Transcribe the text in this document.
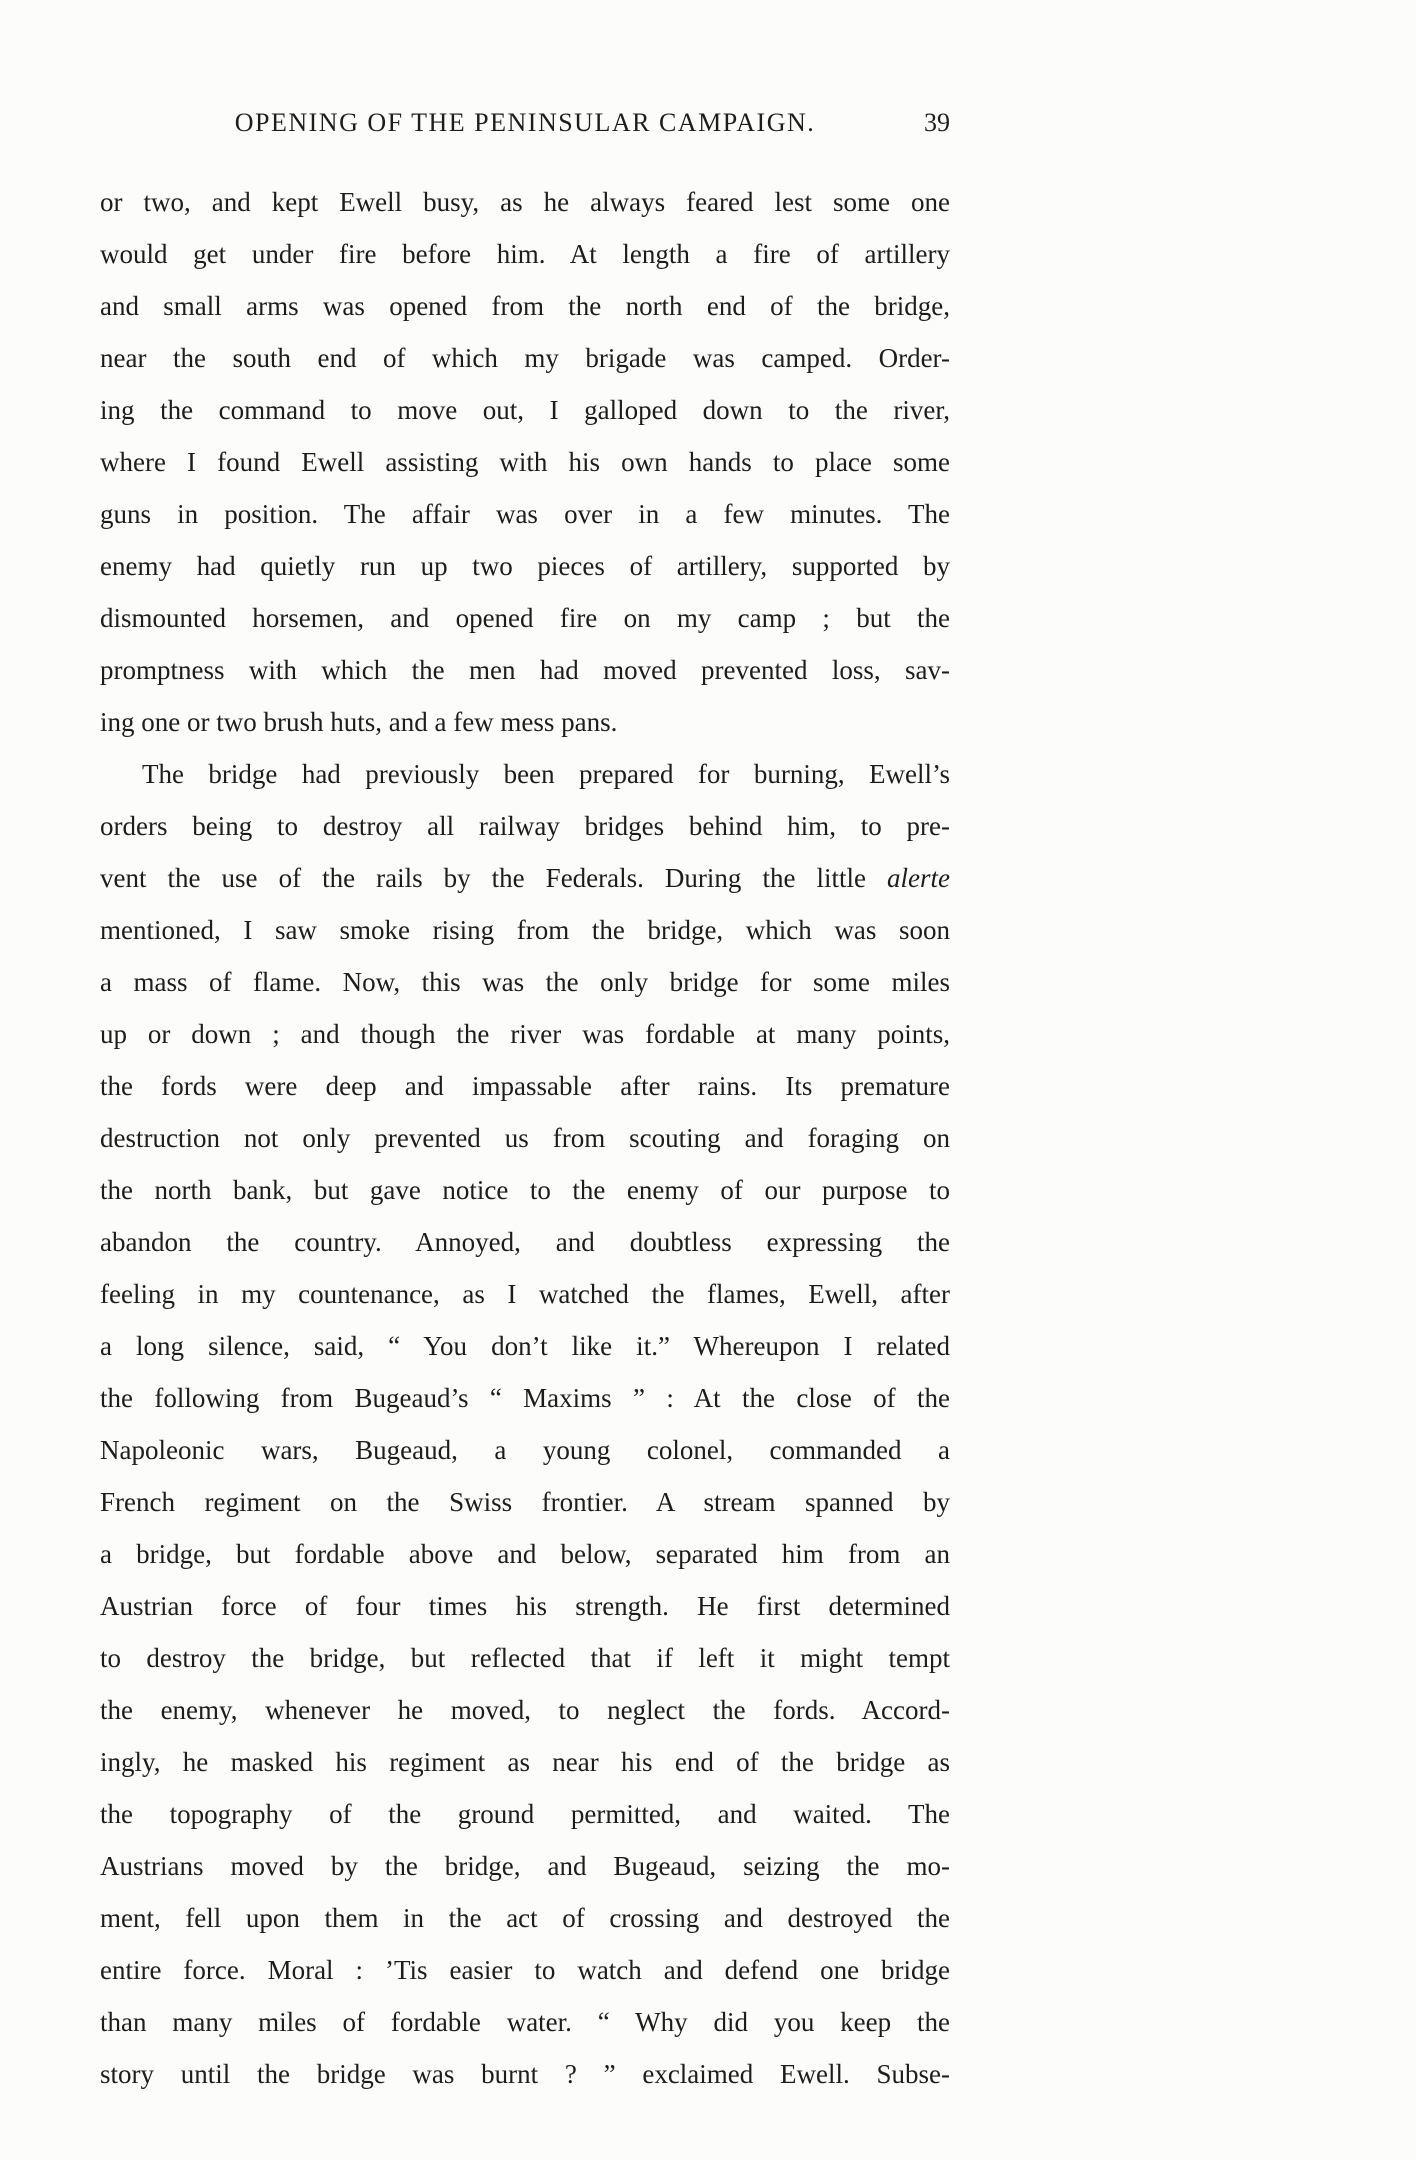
OPENING OF THE PENINSULAR CAMPAIGN.	39
or two, and kept Ewell busy, as he always feared lest some one
would get under fire before him. At length a fire of artillery
and small arms was opened from the north end of the bridge,
near the south end of which my brigade was camped. Order-
ing the command to move out, I galloped down to the river,
where I found Ewell assisting with his own hands to place some
guns in position. The affair was over in a few minutes. The
enemy had quietly run up two pieces of artillery, supported by
dismounted horsemen, and opened fire on my camp ; but the
promptness with which the men had moved prevented loss, sav-
ing one or two brush huts, and a few mess pans.
The bridge had previously been prepared for burning, Ewell’s
orders being to destroy all railway bridges behind him, to pre-
vent the use of the rails by the Federals. During the little alerte
mentioned, I saw smoke rising from the bridge, which was soon
a mass of flame. Now, this was the only bridge for some miles
up or down ; and though the river was fordable at many points,
the fords were deep and impassable after rains. Its premature
destruction not only prevented us from scouting and foraging on
the north bank, but gave notice to the enemy of our purpose to
abandon the country. Annoyed, and doubtless expressing the
feeling in my countenance, as I watched the flames, Ewell, after
a long silence, said, “ You don’t like it.” Whereupon I related
the following from Bugeaud’s “ Maxims ” : At the close of the
Napoleonic wars, Bugeaud, a young colonel, commanded a
French regiment on the Swiss frontier. A stream spanned by
a bridge, but fordable above and below, separated him from an
Austrian force of four times his strength. He first determined
to destroy the bridge, but reflected that if left it might tempt
the enemy, whenever he moved, to neglect the fords. Accord-
ingly, he masked his regiment as near his end of the bridge as
the topography of the ground permitted, and waited. The
Austrians moved by the bridge, and Bugeaud, seizing the mo-
ment, fell upon them in the act of crossing and destroyed the
entire force. Moral : ’Tis easier to watch and defend one bridge
than many miles of fordable water. “ Why did you keep the
story until the bridge was burnt ? ” exclaimed Ewell. Subse-
